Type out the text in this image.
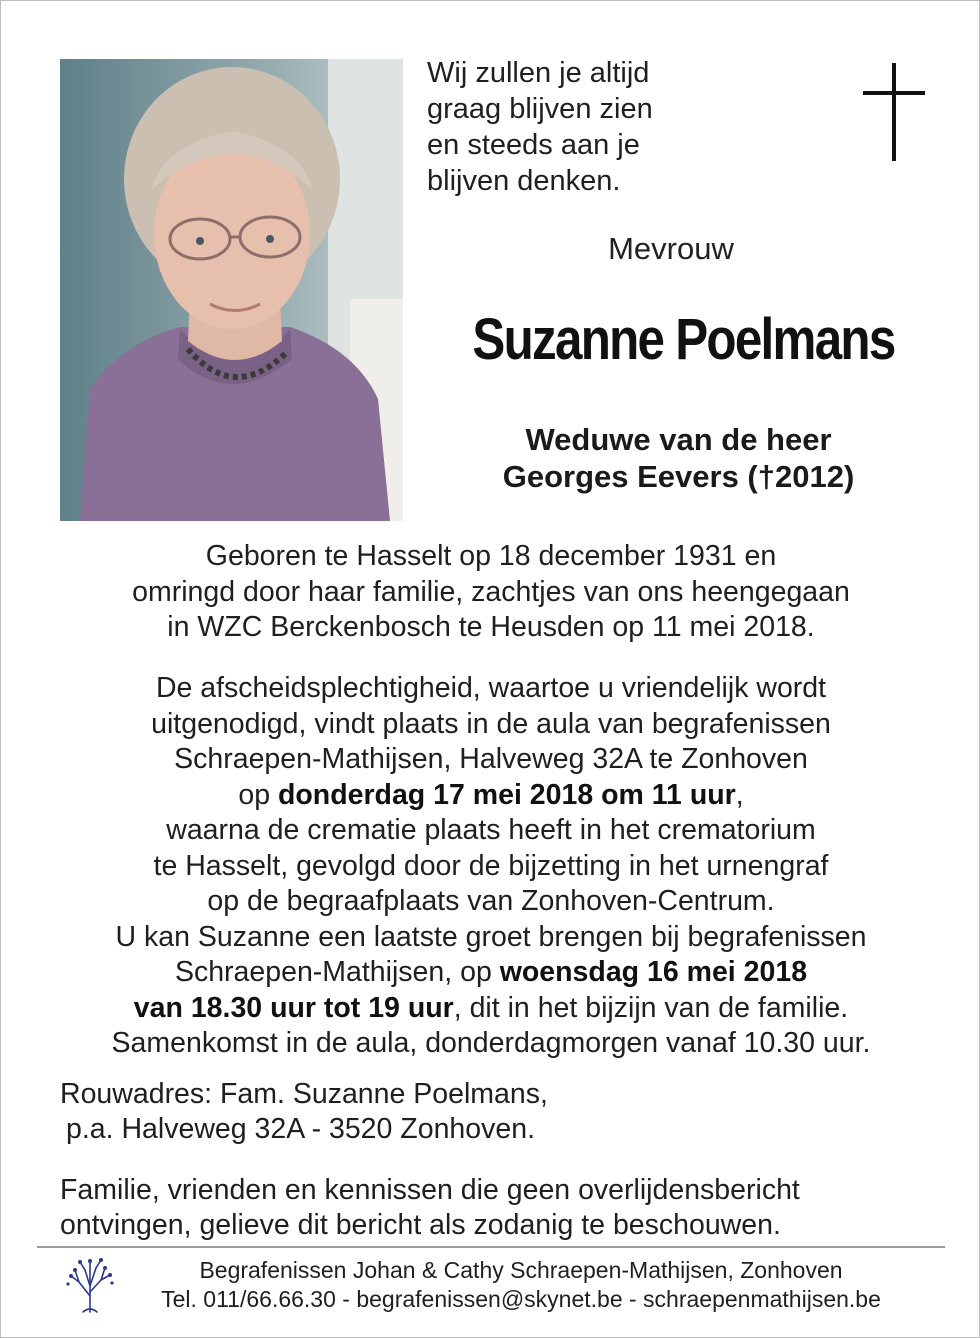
Wij zullen je altijd
graag blijven zien
en steeds aan je
blijven denken.
Mevrouw
Suzanne Poelmans
Weduwe van de heer
Georges Eevers (†2012)
Geboren te Hasselt op 18 december 1931 en
omringd door haar familie, zachtjes van ons heengegaan
in WZC Berckenbosch te Heusden op 11 mei 2018.
De afscheidsplechtigheid, waartoe u vriendelijk wordt
uitgenodigd, vindt plaats in de aula van begrafenissen
Schraepen-Mathijsen, Halveweg 32A te Zonhoven
op donderdag 17 mei 2018 om 11 uur,
waarna de crematie plaats heeft in het crematorium
te Hasselt, gevolgd door de bijzetting in het urnengraf
op de begraafplaats van Zonhoven-Centrum.
U kan Suzanne een laatste groet brengen bij begrafenissen
Schraepen-Mathijsen, op woensdag 16 mei 2018
van 18.30 uur tot 19 uur, dit in het bijzijn van de familie.
Samenkomst in de aula, donderdagmorgen vanaf 10.30 uur.
Rouwadres: Fam. Suzanne Poelmans,
p.a. Halveweg 32A - 3520 Zonhoven.
Familie, vrienden en kennissen die geen overlijdensbericht
ontvingen, gelieve dit bericht als zodanig te beschouwen.
Begrafenissen Johan & Cathy Schraepen-Mathijsen, Zonhoven
Tel. 011/66.66.30 - begrafenissen@skynet.be - schraepenmathijsen.be
